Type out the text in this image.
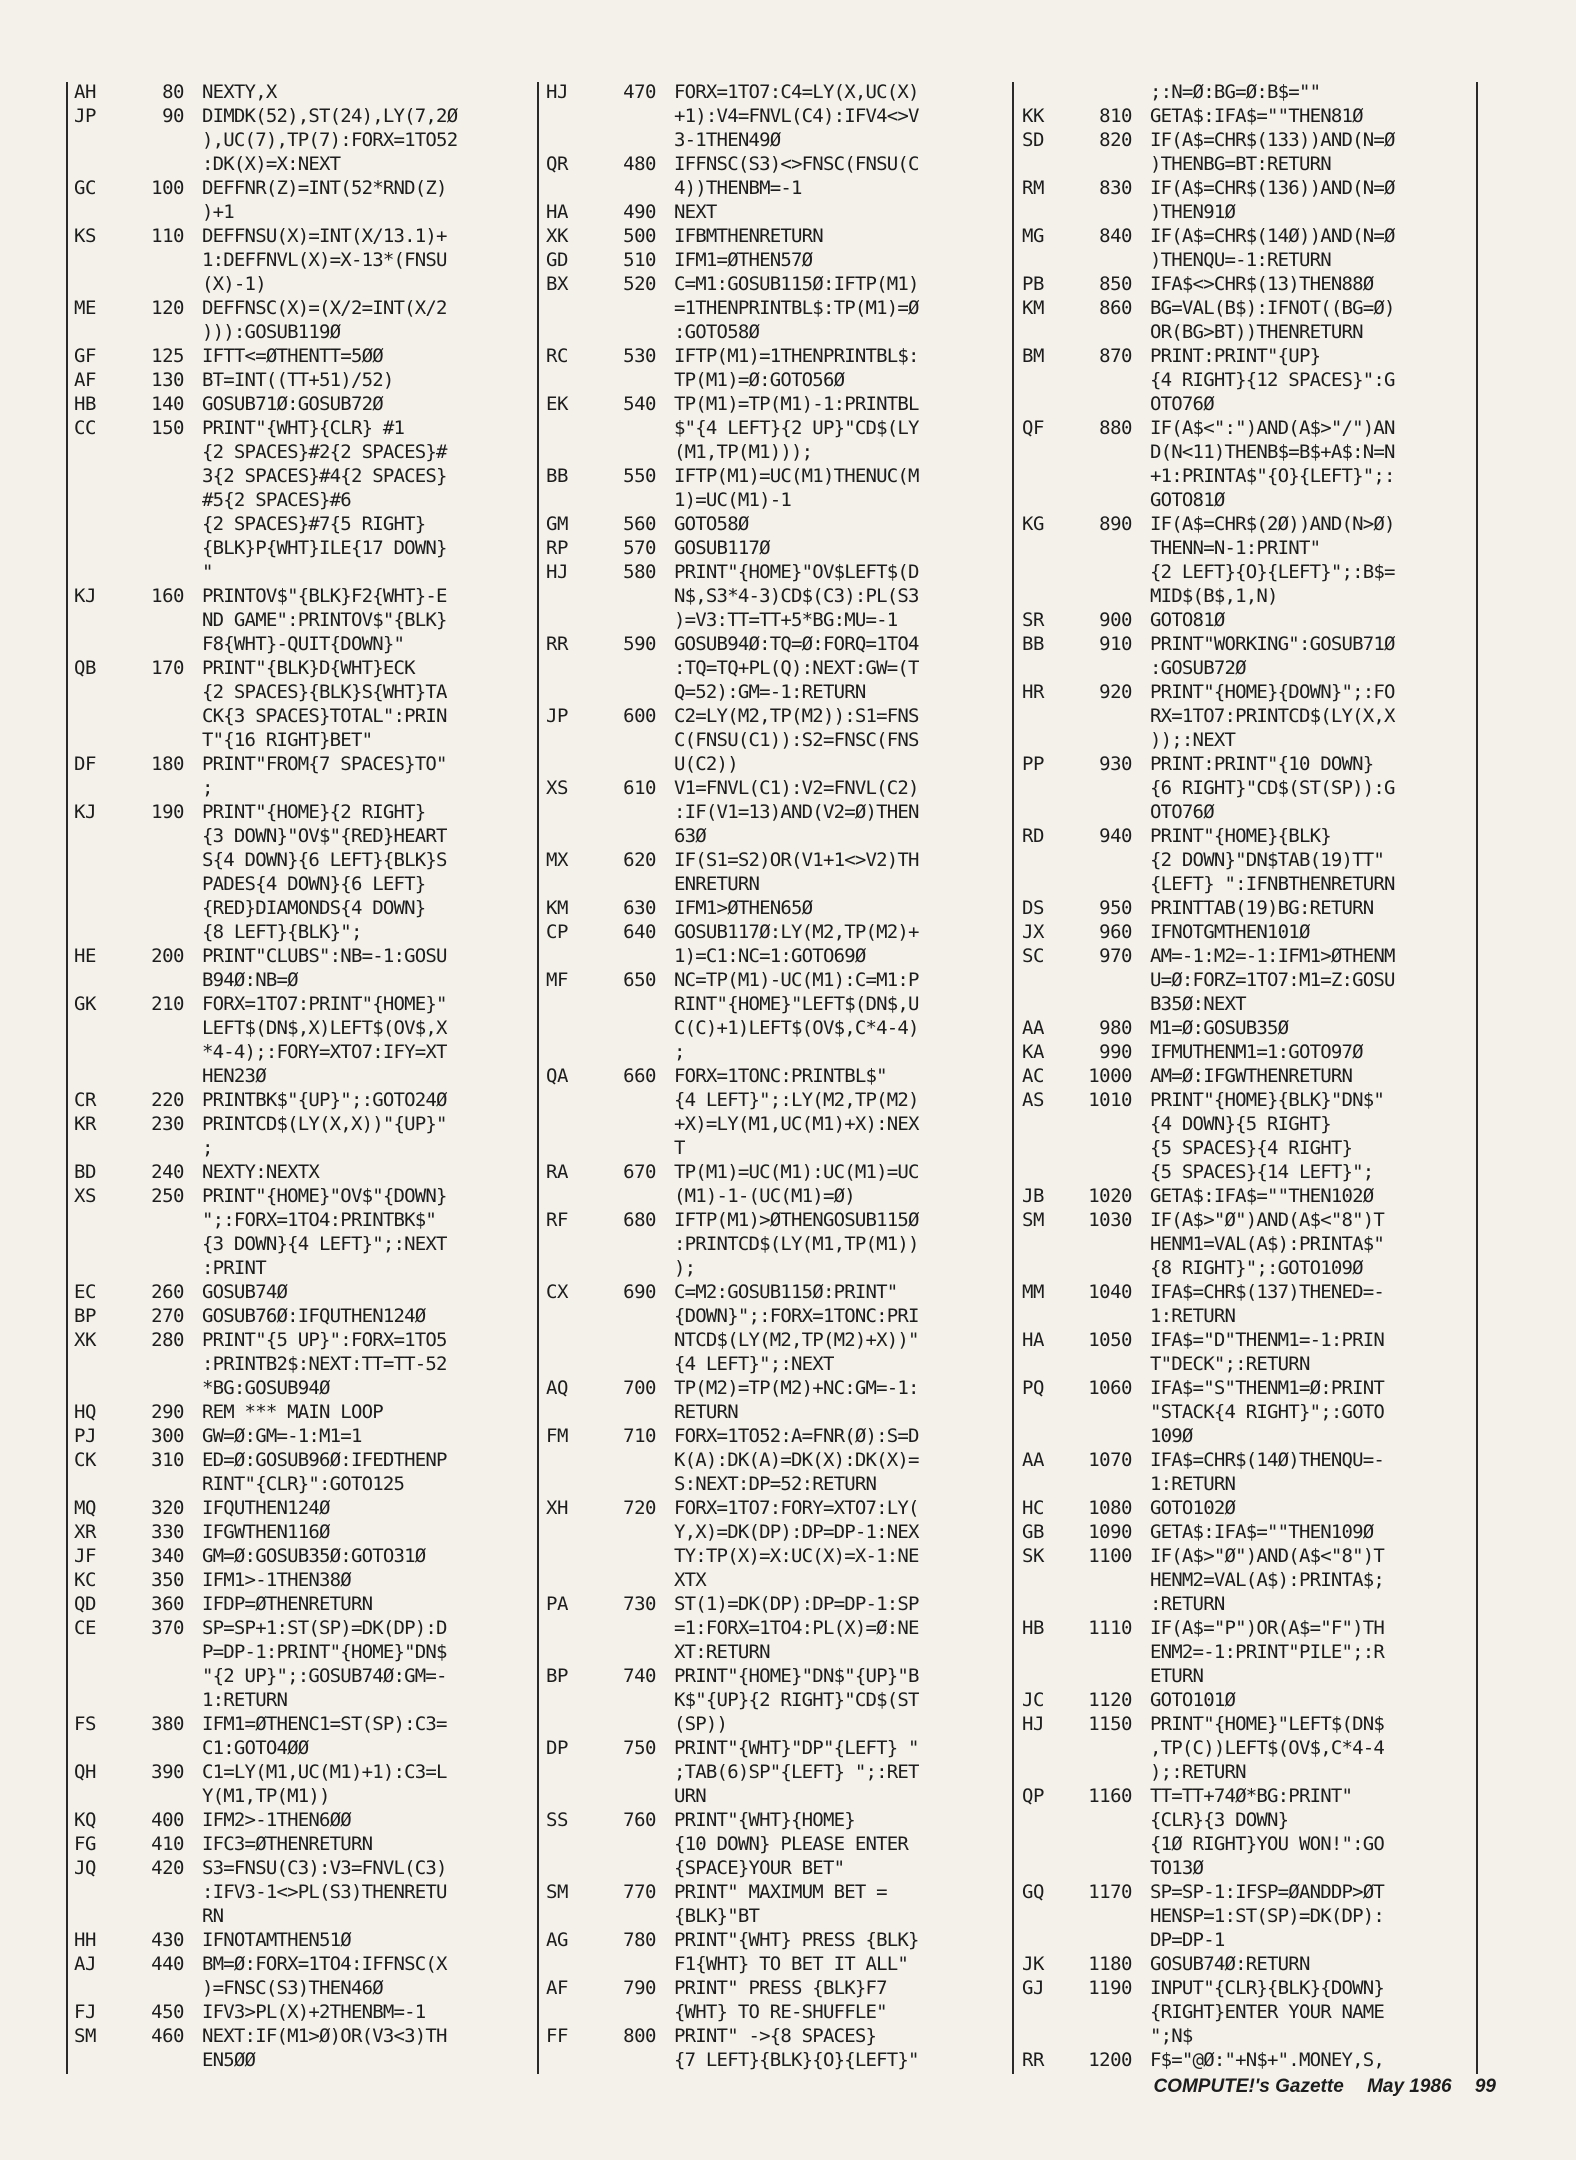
AH	80 NEXTY,X
JP	90 DIMDK(52),ST(24),LY(7,2Ø
),UC(7),TP(7):FORX=1TO52
:DK(X)=X:NEXT
GC	100 DEFFNR(Z)=INT(52*RND(Z)
)+1
KS	110 DEFFNSU(X)=INT(X/13.1)+
1:DEFFNVL(X)=X-13*(FNSU
(X)-1)
ME	120 DEFFNSC(X)=(X/2=INT(X/2
))):GOSUB119Ø
GF	125 IFTT<=ØTHENTT=5ØØ
AF	130 BT=INT((TT+51)/52)
HB	140 GOSUB71Ø:GOSUB72Ø
CC	150 PRINT"{WHT}{CLR} #1
{2 SPACES}#2{2 SPACES}#
3{2 SPACES}#4{2 SPACES}
#5{2 SPACES}#6
{2 SPACES}#7{5 RIGHT}
{BLK}P{WHT}ILE{17 DOWN}
"
KJ	160 PRINTOV$"{BLK}F2{WHT}-E
ND GAME":PRINTOV$"{BLK}
F8{WHT}-QUIT{DOWN}"
QB	170 PRINT"{BLK}D{WHT}ECK
{2 SPACES}{BLK}S{WHT}TA
CK{3 SPACES}TOTAL":PRIN
T"{16 RIGHT}BET"
DF	180 PRINT"FROM{7 SPACES}TO"
;
KJ	190 PRINT"{HOME}{2 RIGHT}
{3 DOWN}"OV$"{RED}HEART
S{4 DOWN}{6 LEFT}{BLK}S
PADES{4 DOWN}{6 LEFT}
{RED}DIAMONDS{4 DOWN}
{8 LEFT}{BLK}";
HE	200 PRINT"CLUBS":NB=-1:GOSU
B94Ø:NB=Ø
GK	210 FORX=1TO7:PRINT"{HOME}"
LEFT$(DN$,X)LEFT$(OV$,X
*4-4);:FORY=XTO7:IFY=XT
HEN23Ø
CR	220 PRINTBK$"{UP}";:GOTO24Ø
KR	230 PRINTCD$(LY(X,X))"{UP}"
;
BD	240 NEXTY:NEXTX
XS	250 PRINT"{HOME}"OV$"{DOWN}
";:FORX=1TO4:PRINTBK$"
{3 DOWN}{4 LEFT}";:NEXT
:PRINT
EC	260 GOSUB74Ø
BP	270 GOSUB76Ø:IFQUTHEN124Ø
XK	280 PRINT"{5 UP}":FORX=1TO5
:PRINTB2$:NEXT:TT=TT-52
*BG:GOSUB94Ø
HQ	290 REM *** MAIN LOOP
PJ	300 GW=Ø:GM=-1:M1=1
CK	310 ED=Ø:GOSUB96Ø:IFEDTHENP
RINT"{CLR}":GOTO125
MQ	320 IFQUTHEN124Ø
XR	330 IFGWTHEN116Ø
JF	340 GM=Ø:GOSUB35Ø:GOTO31Ø
KC	350 IFM1>-1THEN38Ø
QD	360 IFDP=ØTHENRETURN
CE	370 SP=SP+1:ST(SP)=DK(DP):D
P=DP-1:PRINT"{HOME}"DN$
"{2 UP}";:GOSUB74Ø:GM=-
1:RETURN
FS	380 IFM1=ØTHENC1=ST(SP):C3=
C1:GOTO4ØØ
QH	390 C1=LY(M1,UC(M1)+1):C3=L
Y(M1,TP(M1))
KQ	400 IFM2>-1THEN6ØØ
FG	410 IFC3=ØTHENRETURN
JQ	420 S3=FNSU(C3):V3=FNVL(C3)
:IFV3-1<>PL(S3)THENRETU
RN
HH	430 IFNOTAMTHEN51Ø
AJ	440 BM=Ø:FORX=1TO4:IFFNSC(X
)=FNSC(S3)THEN46Ø
FJ	450 IFV3>PL(X)+2THENBM=-1
SM	460 NEXT:IF(M1>Ø)OR(V3<3)TH
EN5ØØ
HJ	470 FORX=1TO7:C4=LY(X,UC(X)
+1):V4=FNVL(C4):IFV4<>V
3-1THEN49Ø
QR	480 IFFNSC(S3)<>FNSC(FNSU(C
4))THENBM=-1
HA	490 NEXT
XK	500 IFBMTHENRETURN
GD	510 IFM1=ØTHEN57Ø
BX	520 C=M1:GOSUB115Ø:IFTP(M1)
=1THENPRINTBL$:TP(M1)=Ø
:GOTO58Ø
RC	530 IFTP(M1)=1THENPRINTBL$:
TP(M1)=Ø:GOTO56Ø
EK	540 TP(M1)=TP(M1)-1:PRINTBL
$"{4 LEFT}{2 UP}"CD$(LY
(M1,TP(M1)));
BB	550 IFTP(M1)=UC(M1)THENUC(M
1)=UC(M1)-1
GM	560 GOTO58Ø
RP	570 GOSUB117Ø
HJ	580 PRINT"{HOME}"OV$LEFT$(D
N$,S3*4-3)CD$(C3):PL(S3
)=V3:TT=TT+5*BG:MU=-1
RR	590 GOSUB94Ø:TQ=Ø:FORQ=1TO4
:TQ=TQ+PL(Q):NEXT:GW=(T
Q=52):GM=-1:RETURN
JP	600 C2=LY(M2,TP(M2)):S1=FNS
C(FNSU(C1)):S2=FNSC(FNS
U(C2))
XS	610 V1=FNVL(C1):V2=FNVL(C2)
:IF(V1=13)AND(V2=Ø)THEN
63Ø
MX	620 IF(S1=S2)OR(V1+1<>V2)TH
ENRETURN
KM	630 IFM1>ØTHEN65Ø
CP	640 GOSUB117Ø:LY(M2,TP(M2)+
1)=C1:NC=1:GOTO69Ø
MF	650 NC=TP(M1)-UC(M1):C=M1:P
RINT"{HOME}"LEFT$(DN$,U
C(C)+1)LEFT$(OV$,C*4-4)
;
QA	660 FORX=1TONC:PRINTBL$"
{4 LEFT}";:LY(M2,TP(M2)
+X)=LY(M1,UC(M1)+X):NEX
T
RA	670 TP(M1)=UC(M1):UC(M1)=UC
(M1)-1-(UC(M1)=Ø)
RF	680 IFTP(M1)>ØTHENGOSUB115Ø
:PRINTCD$(LY(M1,TP(M1))
);
CX	690 C=M2:GOSUB115Ø:PRINT"
{DOWN}";:FORX=1TONC:PRI
NTCD$(LY(M2,TP(M2)+X))"
{4 LEFT}";:NEXT
AQ	700 TP(M2)=TP(M2)+NC:GM=-1:
RETURN
FM	710 FORX=1TO52:A=FNR(Ø):S=D
K(A):DK(A)=DK(X):DK(X)=
S:NEXT:DP=52:RETURN
XH	720 FORX=1TO7:FORY=XTO7:LY(
Y,X)=DK(DP):DP=DP-1:NEX
TY:TP(X)=X:UC(X)=X-1:NE
XTX
PA	730 ST(1)=DK(DP):DP=DP-1:SP
=1:FORX=1TO4:PL(X)=Ø:NE
XT:RETURN
BP	740 PRINT"{HOME}"DN$"{UP}"B
K$"{UP}{2 RIGHT}"CD$(ST
(SP))
DP	750 PRINT"{WHT}"DP"{LEFT} "
;TAB(6)SP"{LEFT} ";:RET
URN
SS	760 PRINT"{WHT}{HOME}
{10 DOWN} PLEASE ENTER
{SPACE}YOUR BET"
SM	770 PRINT" MAXIMUM BET =
{BLK}"BT
AG	780 PRINT"{WHT} PRESS {BLK}
F1{WHT} TO BET IT ALL"
AF	790 PRINT" PRESS {BLK}F7
{WHT} TO RE-SHUFFLE"
FF	800 PRINT" ->{8 SPACES}
{7 LEFT}{BLK}{O}{LEFT}"
;:N=Ø:BG=Ø:B$=""
KK	810 GETA$:IFA$=""THEN81Ø
SD	820 IF(A$=CHR$(133))AND(N=Ø
)THENBG=BT:RETURN
RM	830 IF(A$=CHR$(136))AND(N=Ø
)THEN91Ø
MG	840 IF(A$=CHR$(14Ø))AND(N=Ø
)THENQU=-1:RETURN
PB	850 IFA$<>CHR$(13)THEN88Ø
KM	860 BG=VAL(B$):IFNOT((BG=Ø)
OR(BG>BT))THENRETURN
BM	870 PRINT:PRINT"{UP}
{4 RIGHT}{12 SPACES}":G
OTO76Ø
QF	880 IF(A$<":")AND(A$>"/")AN
D(N<11)THENB$=B$+A$:N=N
+1:PRINTA$"{O}{LEFT}";:
GOTO81Ø
KG	890 IF(A$=CHR$(2Ø))AND(N>Ø)
THENN=N-1:PRINT"
{2 LEFT}{O}{LEFT}";:B$=
MID$(B$,1,N)
SR	900 GOTO81Ø
BB	910 PRINT"WORKING":GOSUB71Ø
:GOSUB72Ø
HR	920 PRINT"{HOME}{DOWN}";:FO
RX=1TO7:PRINTCD$(LY(X,X
));:NEXT
PP	930 PRINT:PRINT"{10 DOWN}
{6 RIGHT}"CD$(ST(SP)):G
OTO76Ø
RD	940 PRINT"{HOME}{BLK}
{2 DOWN}"DN$TAB(19)TT"
{LEFT} ":IFNBTHENRETURN
DS	950 PRINTTAB(19)BG:RETURN
JX	960 IFNOTGMTHEN101Ø
SC	970 AM=-1:M2=-1:IFM1>ØTHENM
U=Ø:FORZ=1TO7:M1=Z:GOSU
B35Ø:NEXT
AA	980 M1=Ø:GOSUB35Ø
KA	990 IFMUTHENM1=1:GOTO97Ø
AC	1000 AM=Ø:IFGWTHENRETURN
AS	1010 PRINT"{HOME}{BLK}"DN$"
{4 DOWN}{5 RIGHT}
{5 SPACES}{4 RIGHT}
{5 SPACES}{14 LEFT}";
JB	1020 GETA$:IFA$=""THEN102Ø
SM	1030 IF(A$>"Ø")AND(A$<"8")T
HENM1=VAL(A$):PRINTA$"
{8 RIGHT}";:GOTO109Ø
MM	1040 IFA$=CHR$(137)THENED=-
1:RETURN
HA	1050 IFA$="D"THENM1=-1:PRIN
T"DECK";:RETURN
PQ	1060 IFA$="S"THENM1=Ø:PRINT
"STACK{4 RIGHT}";:GOTO
109Ø
AA	1070 IFA$=CHR$(14Ø)THENQU=-
1:RETURN
HC	1080 GOTO102Ø
GB	1090 GETA$:IFA$=""THEN109Ø
SK	1100 IF(A$>"Ø")AND(A$<"8")T
HENM2=VAL(A$):PRINTA$;
:RETURN
HB	1110 IF(A$="P")OR(A$="F")TH
ENM2=-1:PRINT"PILE";:R
ETURN
JC	1120 GOTO101Ø
HJ	1150 PRINT"{HOME}"LEFT$(DN$
,TP(C))LEFT$(OV$,C*4-4
);:RETURN
QP	1160 TT=TT+74Ø*BG:PRINT"
{CLR}{3 DOWN}
{1Ø RIGHT}YOU WON!":GO
TO13Ø
GQ	1170 SP=SP-1:IFSP=ØANDDP>ØT
HENSP=1:ST(SP)=DK(DP):
DP=DP-1
JK	1180 GOSUB74Ø:RETURN
GJ	1190 INPUT"{CLR}{BLK}{DOWN}
{RIGHT}ENTER YOUR NAME
";N$
RR	1200 F$="@Ø:"+N$+".MONEY,S,
COMPUTE!'s Gazette May 1986 99
